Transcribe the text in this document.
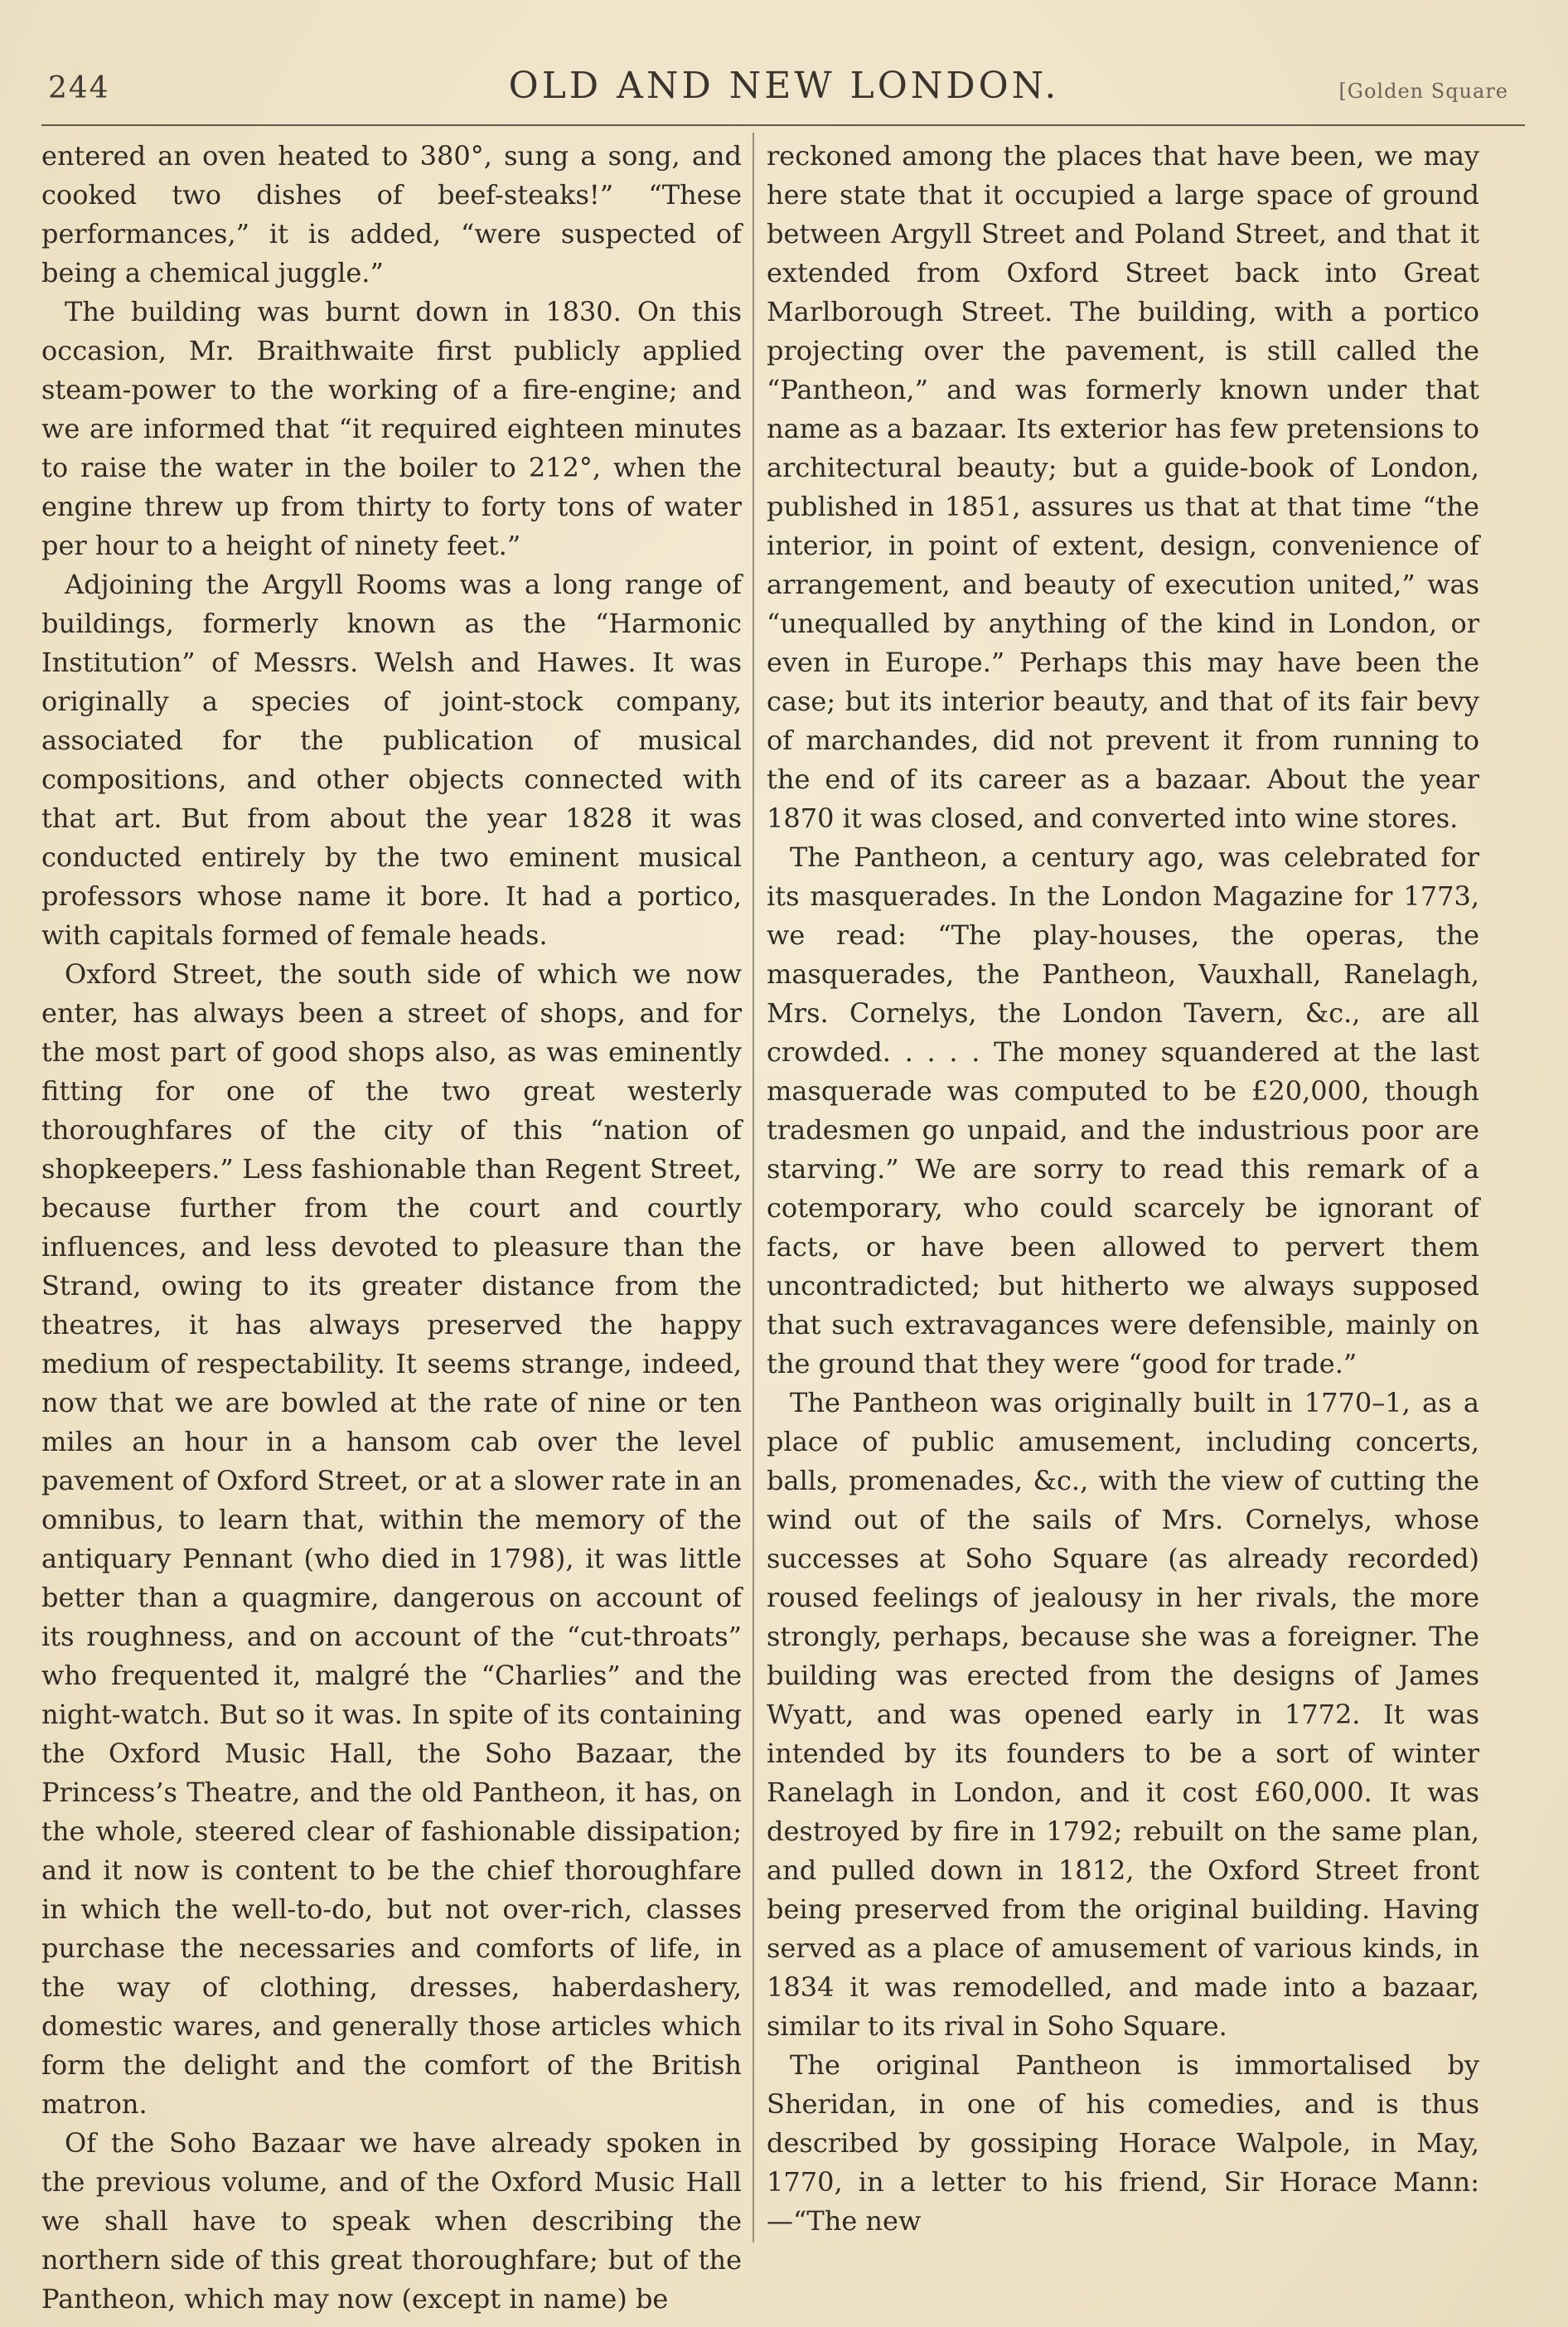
244	OLD AND NEW LONDON.	[Golden Square

entered an oven heated to 380°, sung a song, and cooked two dishes of beef-steaks!” “These performances,” it is added, “were suspected of being a chemical juggle.”

The building was burnt down in 1830. On this occasion, Mr. Braithwaite first publicly applied steam-power to the working of a fire-engine; and we are informed that “it required eighteen minutes to raise the water in the boiler to 212°, when the engine threw up from thirty to forty tons of water per hour to a height of ninety feet.”

Adjoining the Argyll Rooms was a long range of buildings, formerly known as the “Harmonic Institution” of Messrs. Welsh and Hawes. It was originally a species of joint-stock company, associated for the publication of musical compositions, and other objects connected with that art. But from about the year 1828 it was conducted entirely by the two eminent musical professors whose name it bore. It had a portico, with capitals formed of female heads.

Oxford Street, the south side of which we now enter, has always been a street of shops, and for the most part of good shops also, as was eminently fitting for one of the two great westerly thoroughfares of the city of this “nation of shopkeepers.” Less fashionable than Regent Street, because further from the court and courtly influences, and less devoted to pleasure than the Strand, owing to its greater distance from the theatres, it has always preserved the happy medium of respectability. It seems strange, indeed, now that we are bowled at the rate of nine or ten miles an hour in a hansom cab over the level pavement of Oxford Street, or at a slower rate in an omnibus, to learn that, within the memory of the antiquary Pennant (who died in 1798), it was little better than a quagmire, dangerous on account of its roughness, and on account of the “cut-throats” who frequented it, malgré the “Charlies” and the night-watch. But so it was. In spite of its containing the Oxford Music Hall, the Soho Bazaar, the Princess’s Theatre, and the old Pantheon, it has, on the whole, steered clear of fashionable dissipation; and it now is content to be the chief thoroughfare in which the well-to-do, but not over-rich, classes purchase the necessaries and comforts of life, in the way of clothing, dresses, haberdashery, domestic wares, and generally those articles which form the delight and the comfort of the British matron.

Of the Soho Bazaar we have already spoken in the previous volume, and of the Oxford Music Hall we shall have to speak when describing the northern side of this great thoroughfare; but of the Pantheon, which may now (except in name) be

reckoned among the places that have been, we may here state that it occupied a large space of ground between Argyll Street and Poland Street, and that it extended from Oxford Street back into Great Marlborough Street. The building, with a portico projecting over the pavement, is still called the “Pantheon,” and was formerly known under that name as a bazaar. Its exterior has few pretensions to architectural beauty; but a guide-book of London, published in 1851, assures us that at that time “the interior, in point of extent, design, convenience of arrangement, and beauty of execution united,” was “unequalled by anything of the kind in London, or even in Europe.” Perhaps this may have been the case; but its interior beauty, and that of its fair bevy of marchandes, did not prevent it from running to the end of its career as a bazaar. About the year 1870 it was closed, and converted into wine stores.

The Pantheon, a century ago, was celebrated for its masquerades. In the London Magazine for 1773, we read: “The play-houses, the operas, the masquerades, the Pantheon, Vauxhall, Ranelagh, Mrs. Cornelys, the London Tavern, &c., are all crowded. . . . . The money squandered at the last masquerade was computed to be £20,000, though tradesmen go unpaid, and the industrious poor are starving.” We are sorry to read this remark of a cotemporary, who could scarcely be ignorant of facts, or have been allowed to pervert them uncontradicted; but hitherto we always supposed that such extravagances were defensible, mainly on the ground that they were “good for trade.”

The Pantheon was originally built in 1770–1, as a place of public amusement, including concerts, balls, promenades, &c., with the view of cutting the wind out of the sails of Mrs. Cornelys, whose successes at Soho Square (as already recorded) roused feelings of jealousy in her rivals, the more strongly, perhaps, because she was a foreigner. The building was erected from the designs of James Wyatt, and was opened early in 1772. It was intended by its founders to be a sort of winter Ranelagh in London, and it cost £60,000. It was destroyed by fire in 1792; rebuilt on the same plan, and pulled down in 1812, the Oxford Street front being preserved from the original building. Having served as a place of amusement of various kinds, in 1834 it was remodelled, and made into a bazaar, similar to its rival in Soho Square.

The original Pantheon is immortalised by Sheridan, in one of his comedies, and is thus described by gossiping Horace Walpole, in May, 1770, in a letter to his friend, Sir Horace Mann:—“The new
